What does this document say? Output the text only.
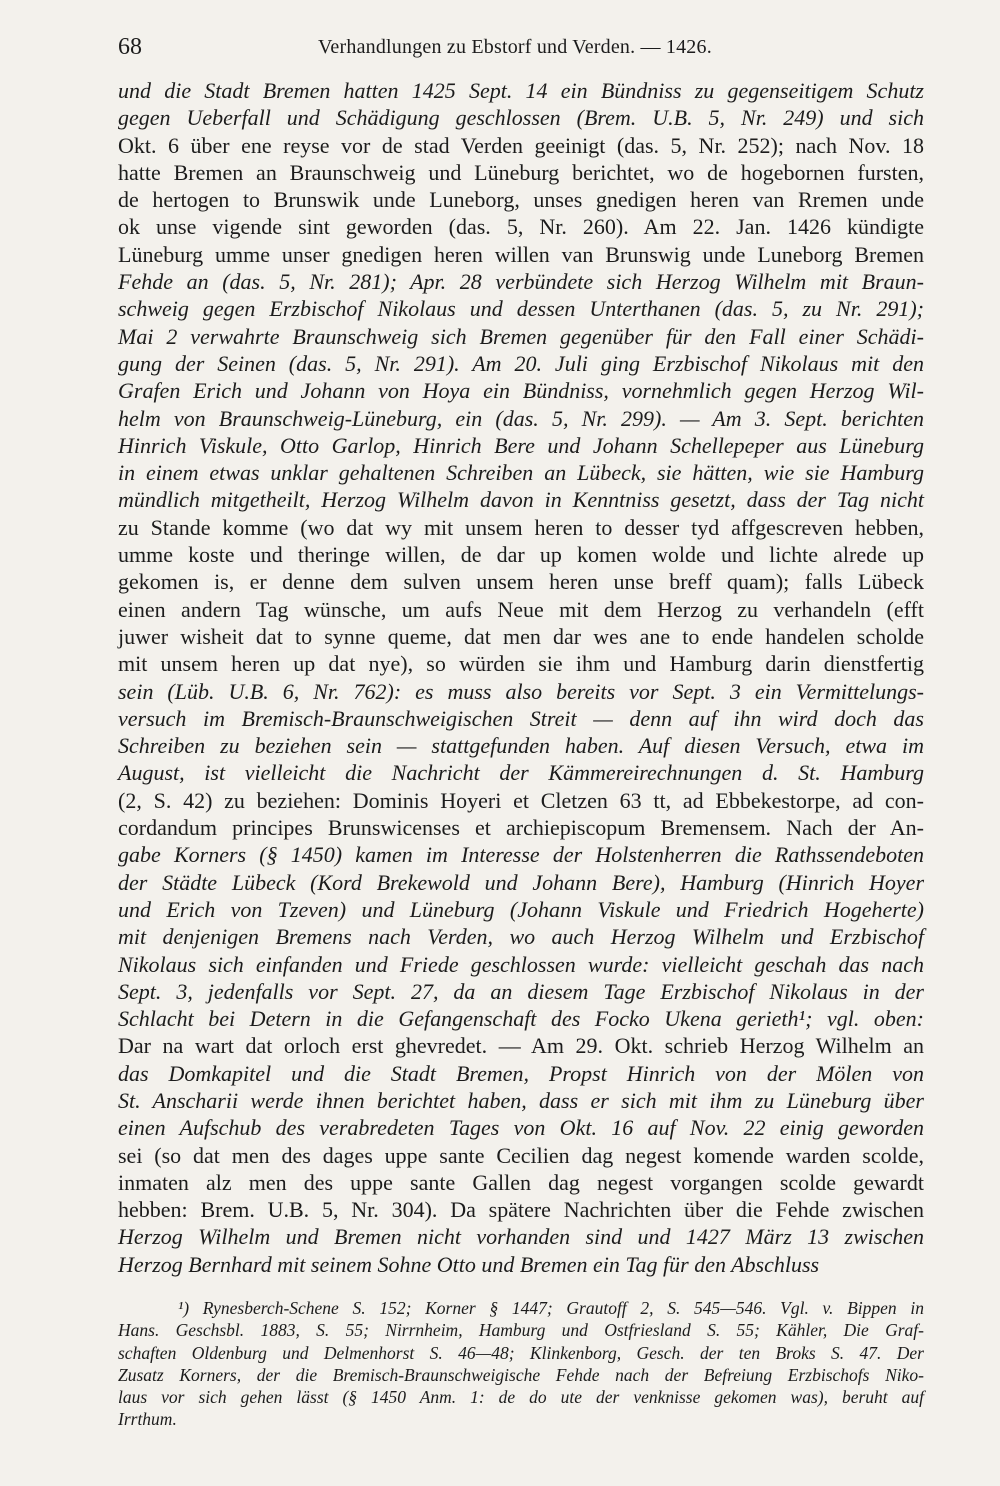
68	Verhandlungen zu Ebstorf und Verden. — 1426.
und die Stadt Bremen hatten 1425 Sept. 14 ein Bündniss zu gegenseitigem Schutz
gegen Ueberfall und Schädigung geschlossen (Brem. U.B. 5, Nr. 249) und sich
Okt. 6 über ene reyse vor de stad Verden geeinigt (das. 5, Nr. 252); nach Nov. 18
hatte Bremen an Braunschweig und Lüneburg berichtet, wo de hogebornen fursten,
de hertogen to Brunswik unde Luneborg, unses gnedigen heren van Rremen unde
ok unse vigende sint geworden (das. 5, Nr. 260). Am 22. Jan. 1426 kündigte
Lüneburg umme unser gnedigen heren willen van Brunswig unde Luneborg Bremen
Fehde an (das. 5, Nr. 281); Apr. 28 verbündete sich Herzog Wilhelm mit Braun-
schweig gegen Erzbischof Nikolaus und dessen Unterthanen (das. 5, zu Nr. 291);
Mai 2 verwahrte Braunschweig sich Bremen gegenüber für den Fall einer Schädi-
gung der Seinen (das. 5, Nr. 291). Am 20. Juli ging Erzbischof Nikolaus mit den
Grafen Erich und Johann von Hoya ein Bündniss, vornehmlich gegen Herzog Wil-
helm von Braunschweig-Lüneburg, ein (das. 5, Nr. 299). — Am 3. Sept. berichten
Hinrich Viskule, Otto Garlop, Hinrich Bere und Johann Schellepeper aus Lüneburg
in einem etwas unklar gehaltenen Schreiben an Lübeck, sie hätten, wie sie Hamburg
mündlich mitgetheilt, Herzog Wilhelm davon in Kenntniss gesetzt, dass der Tag nicht
zu Stande komme (wo dat wy mit unsem heren to desser tyd affgescreven hebben,
umme koste und theringe willen, de dar up komen wolde und lichte alrede up
gekomen is, er denne dem sulven unsem heren unse breff quam); falls Lübeck
einen andern Tag wünsche, um aufs Neue mit dem Herzog zu verhandeln (efft
juwer wisheit dat to synne queme, dat men dar wes ane to ende handelen scholde
mit unsem heren up dat nye), so würden sie ihm und Hamburg darin dienstfertig
sein (Lüb. U.B. 6, Nr. 762): es muss also bereits vor Sept. 3 ein Vermittelungs-
versuch im Bremisch-Braunschweigischen Streit — denn auf ihn wird doch das
Schreiben zu beziehen sein — stattgefunden haben. Auf diesen Versuch, etwa im
August, ist vielleicht die Nachricht der Kämmereirechnungen d. St. Hamburg
(2, S. 42) zu beziehen: Dominis Hoyeri et Cletzen 63 tt, ad Ebbekestorpe, ad con-
cordandum principes Brunswicenses et archiepiscopum Bremensem. Nach der An-
gabe Korners (§ 1450) kamen im Interesse der Holstenherren die Rathssendeboten
der Städte Lübeck (Kord Brekewold und Johann Bere), Hamburg (Hinrich Hoyer
und Erich von Tzeven) und Lüneburg (Johann Viskule und Friedrich Hogeherte)
mit denjenigen Bremens nach Verden, wo auch Herzog Wilhelm und Erzbischof
Nikolaus sich einfanden und Friede geschlossen wurde: vielleicht geschah das nach
Sept. 3, jedenfalls vor Sept. 27, da an diesem Tage Erzbischof Nikolaus in der
Schlacht bei Detern in die Gefangenschaft des Focko Ukena gerieth¹; vgl. oben:
Dar na wart dat orloch erst ghevredet. — Am 29. Okt. schrieb Herzog Wilhelm an
das Domkapitel und die Stadt Bremen, Propst Hinrich von der Mölen von
St. Anscharii werde ihnen berichtet haben, dass er sich mit ihm zu Lüneburg über
einen Aufschub des verabredeten Tages von Okt. 16 auf Nov. 22 einig geworden
sei (so dat men des dages uppe sante Cecilien dag negest komende warden scolde,
inmaten alz men des uppe sante Gallen dag negest vorgangen scolde gewardt
hebben: Brem. U.B. 5, Nr. 304). Da spätere Nachrichten über die Fehde zwischen
Herzog Wilhelm und Bremen nicht vorhanden sind und 1427 März 13 zwischen
Herzog Bernhard mit seinem Sohne Otto und Bremen ein Tag für den Abschluss
¹) Rynesberch-Schene S. 152; Korner § 1447; Grautoff 2, S. 545—546. Vgl. v. Bippen in
Hans. Geschsbl. 1883, S. 55; Nirrnheim, Hamburg und Ostfriesland S. 55; Kähler, Die Graf-
schaften Oldenburg und Delmenhorst S. 46—48; Klinkenborg, Gesch. der ten Broks S. 47. Der
Zusatz Korners, der die Bremisch-Braunschweigische Fehde nach der Befreiung Erzbischofs Niko-
laus vor sich gehen lässt (§ 1450 Anm. 1: de do ute der venknisse gekomen was), beruht auf
Irrthum.
